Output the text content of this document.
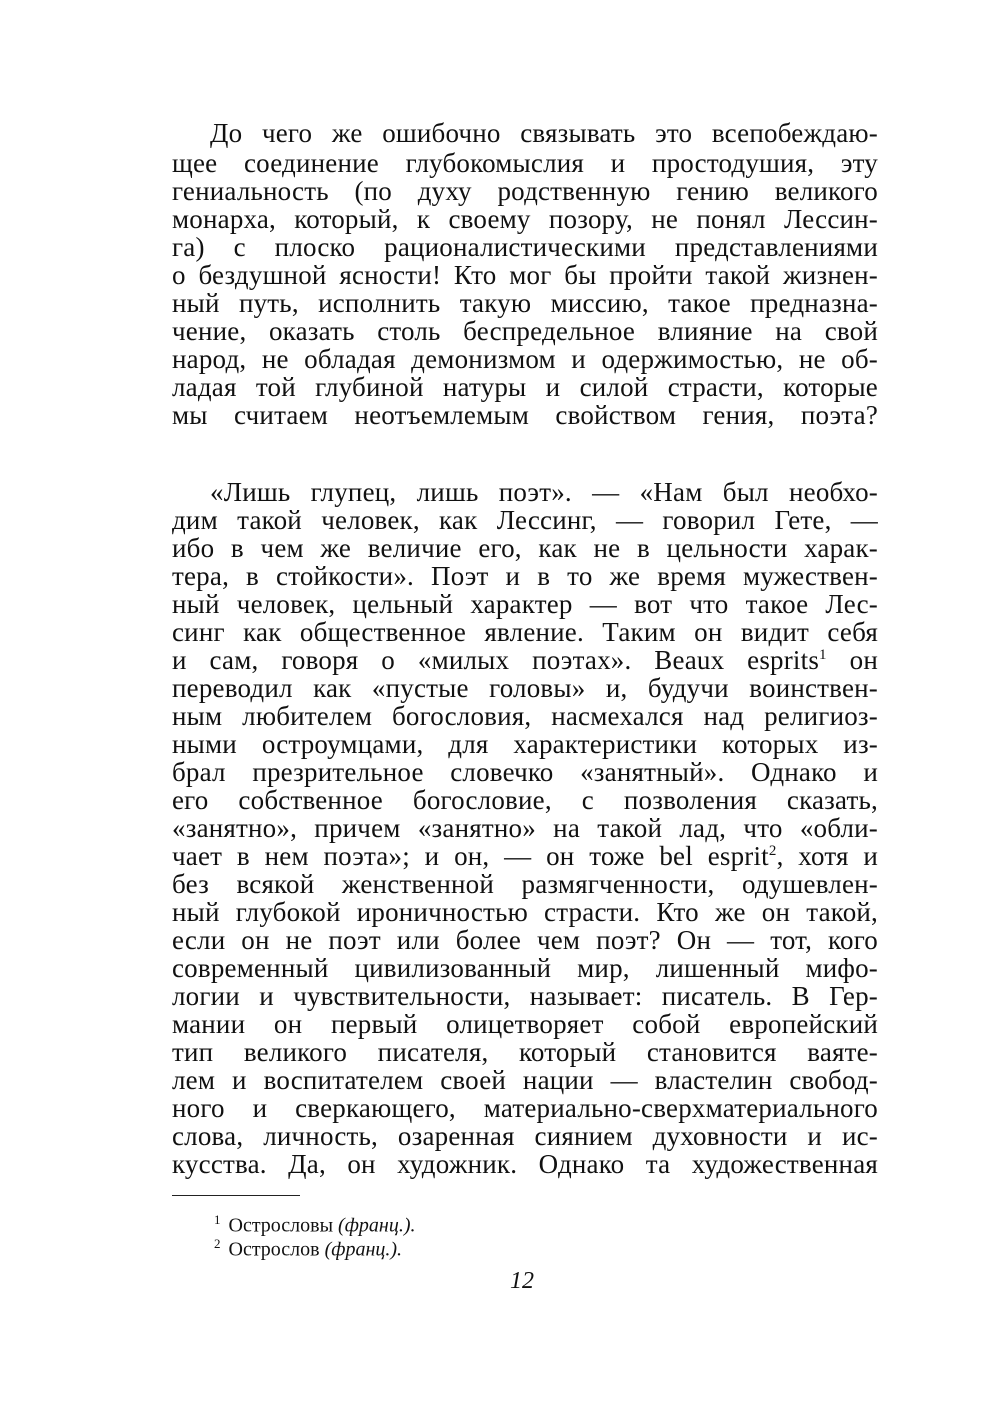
До чего же ошибочно связывать это всепобеждаю-
щее соединение глубокомыслия и простодушия, эту
гениальность (по духу родственную гению великого
монарха, который, к своему позору, не понял Лессин-
га) с плоско рационалистическими представлениями
о бездушной ясности! Кто мог бы пройти такой жизнен-
ный путь, исполнить такую миссию, такое предназна-
чение, оказать столь беспредельное влияние на свой
народ, не обладая демонизмом и одержимостью, не об-
ладая той глубиной натуры и силой страсти, которые
мы считаем неотъемлемым свойством гения, поэта?
«Лишь глупец, лишь поэт». — «Нам был необхо-
дим такой человек, как Лессинг, — говорил Гете, —
ибо в чем же величие его, как не в цельности харак-
тера, в стойкости». Поэт и в то же время мужествен-
ный человек, цельный характер — вот что такое Лес-
синг как общественное явление. Таким он видит себя
и сам, говоря о «милых поэтах». Beaux esprits$^1$ он
переводил как «пустые головы» и, будучи воинствен-
ным любителем богословия, насмехался над религиоз-
ными остроумцами, для характеристики которых из-
брал презрительное словечко «занятный». Однако и
его собственное богословие, с позволения сказать,
«занятно», причем «занятно» на такой лад, что «обли-
чает в нем поэта»; и он, — он тоже bel esprit$^2$, хотя и
без всякой женственной размягченности, одушевлен-
ный глубокой ироничностью страсти. Кто же он такой,
если он не поэт или более чем поэт? Он — тот, кого
современный цивилизованный мир, лишенный мифо-
логии и чувствительности, называет: писатель. В Гер-
мании он первый олицетворяет собой европейский
тип великого писателя, который становится ваяте-
лем и воспитателем своей нации — властелин свобод-
ного и сверкающего, материально-сверхматериального
слова, личность, озаренная сиянием духовности и ис-
кусства. Да, он художник. Однако та художественная
$^1$ Острословы (франц.).
$^2$ Острослов (франц.).
12
